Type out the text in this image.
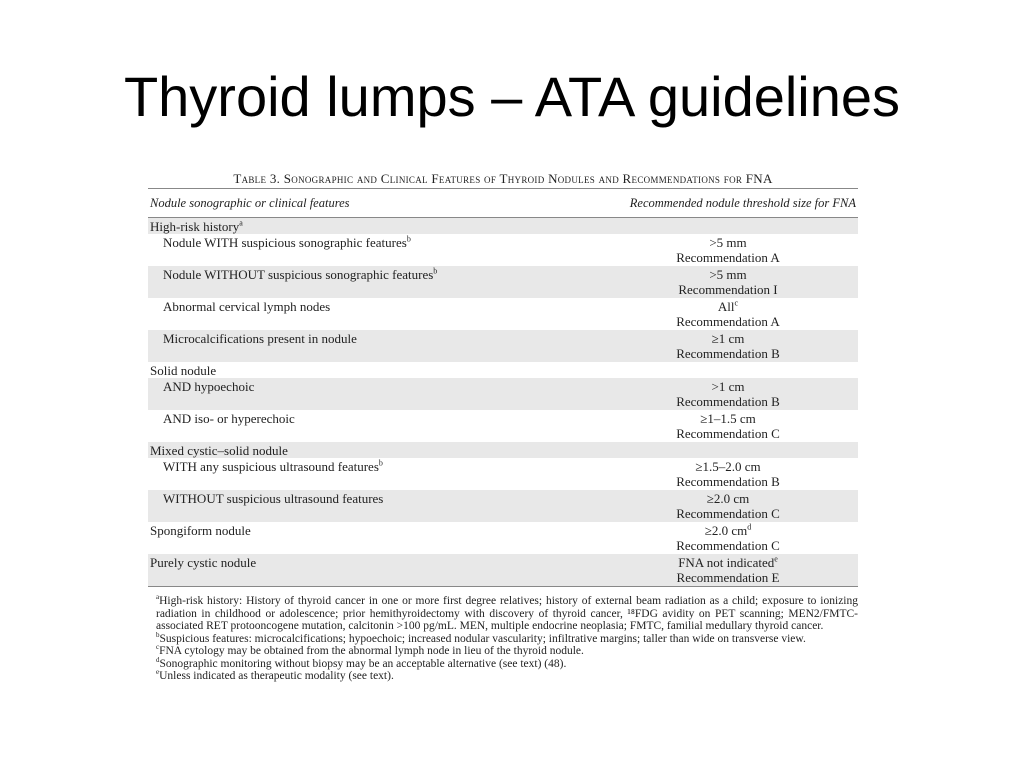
Thyroid lumps – ATA guidelines
Table 3. Sonographic and Clinical Features of Thyroid Nodules and Recommendations for FNA
Nodule sonographic or clinical features	Recommended nodule threshold size for FNA
High-risk history$^a$
Nodule WITH suspicious sonographic features$^b$	>5 mm
Recommendation A
Nodule WITHOUT suspicious sonographic features$^b$	>5 mm
Recommendation I
Abnormal cervical lymph nodes	All$^c$
Recommendation A
Microcalcifications present in nodule	≥1 cm
Recommendation B
Solid nodule
AND hypoechoic	>1 cm
Recommendation B
AND iso- or hyperechoic	≥1–1.5 cm
Recommendation C
Mixed cystic–solid nodule
WITH any suspicious ultrasound features$^b$	≥1.5–2.0 cm
Recommendation B
WITHOUT suspicious ultrasound features	≥2.0 cm
Recommendation C
Spongiform nodule	≥2.0 $cm^d$
Recommendation C
Purely cystic nodule	FNA not indicated$^e$
Recommendation E
$^a$High-risk history: History of thyroid cancer in one or more first degree relatives; history of external beam radiation as a child; exposure to ionizing radiation in childhood or adolescence; prior hemithyroidectomy with discovery of thyroid cancer, ¹⁸FDG avidity on PET scanning; MEN2/FMTC-associated RET protooncogene mutation, calcitonin >100 pg/mL. MEN, multiple endocrine neoplasia; FMTC, familial medullary thyroid cancer.
$^b$Suspicious features: microcalcifications; hypoechoic; increased nodular vascularity; infiltrative margins; taller than wide on transverse view.
$^c$FNA cytology may be obtained from the abnormal lymph node in lieu of the thyroid nodule.
$^d$Sonographic monitoring without biopsy may be an acceptable alternative (see text) (48).
$^e$Unless indicated as therapeutic modality (see text).
